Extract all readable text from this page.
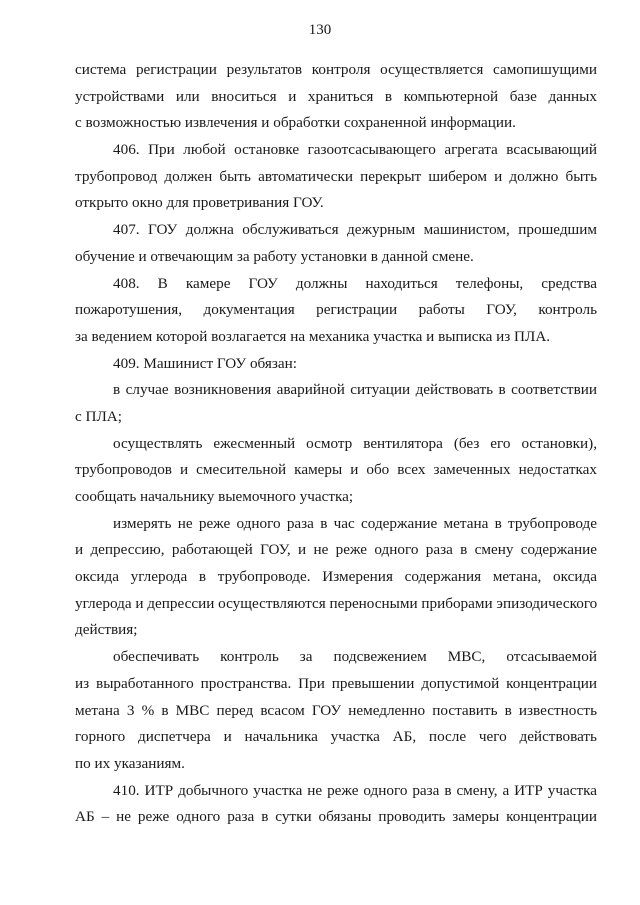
130
система регистрации результатов контроля осуществляется самопишущими
устройствами или вноситься и храниться в компьютерной базе данных
с возможностью извлечения и обработки сохраненной информации.
406. При любой остановке газоотсасывающего агрегата всасывающий
трубопровод должен быть автоматически перекрыт шибером и должно быть
открыто окно для проветривания ГОУ.
407. ГОУ должна обслуживаться дежурным машинистом, прошедшим
обучение и отвечающим за работу установки в данной смене.
408. В камере ГОУ должны находиться телефоны, средства
пожаротушения, документация регистрации работы ГОУ, контроль
за ведением которой возлагается на механика участка и выписка из ПЛА.
409. Машинист ГОУ обязан:
в случае возникновения аварийной ситуации действовать в соответствии
с ПЛА;
осуществлять ежесменный осмотр вентилятора (без его остановки),
трубопроводов и смесительной камеры и обо всех замеченных недостатках
сообщать начальнику выемочного участка;
измерять не реже одного раза в час содержание метана в трубопроводе
и депрессию, работающей ГОУ, и не реже одного раза в смену содержание
оксида углерода в трубопроводе. Измерения содержания метана, оксида
углерода и депрессии осуществляются переносными приборами эпизодического
действия;
обеспечивать контроль за подсвежением МВС, отсасываемой
из выработанного пространства. При превышении допустимой концентрации
метана 3 % в МВС перед всасом ГОУ немедленно поставить в известность
горного диспетчера и начальника участка АБ, после чего действовать
по их указаниям.
410. ИТР добычного участка не реже одного раза в смену, а ИТР участка
АБ – не реже одного раза в сутки обязаны проводить замеры концентрации
